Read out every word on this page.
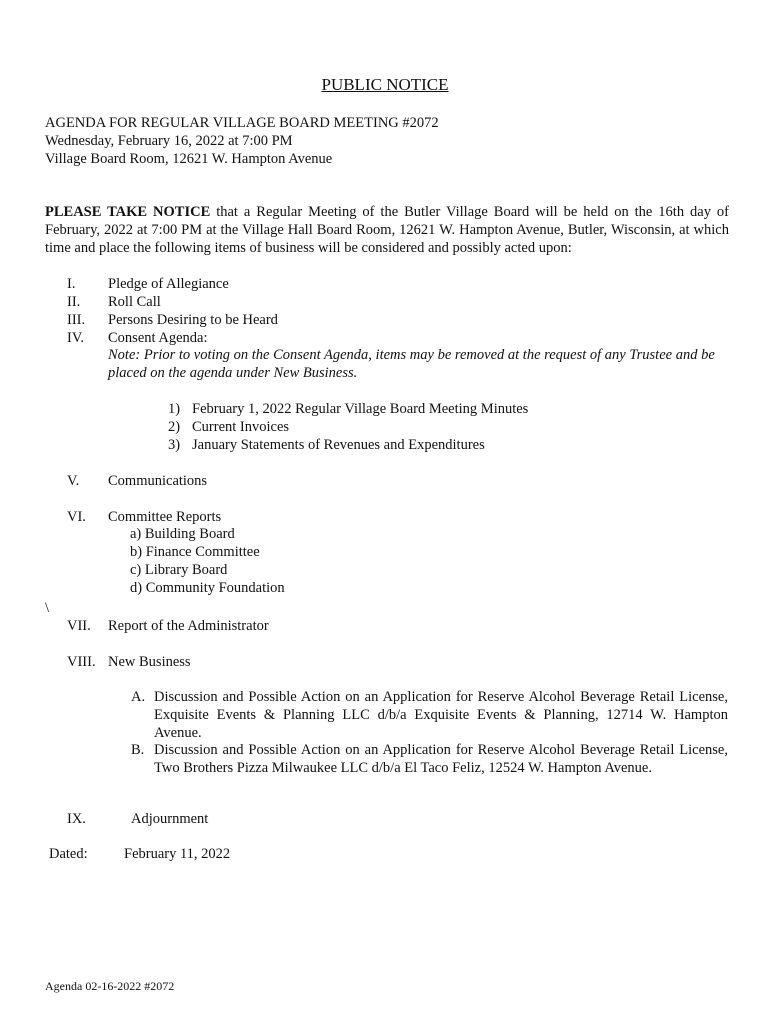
PUBLIC NOTICE
AGENDA FOR REGULAR VILLAGE BOARD MEETING #2072
Wednesday, February 16, 2022 at 7:00 PM
Village Board Room, 12621 W. Hampton Avenue
PLEASE TAKE NOTICE that a Regular Meeting of the Butler Village Board will be held on the 16th day of February, 2022 at 7:00 PM at the Village Hall Board Room, 12621 W. Hampton Avenue, Butler, Wisconsin, at which time and place the following items of business will be considered and possibly acted upon:
I. Pledge of Allegiance
II. Roll Call
III. Persons Desiring to be Heard
IV. Consent Agenda:
Note: Prior to voting on the Consent Agenda, items may be removed at the request of any Trustee and be placed on the agenda under New Business.
1) February 1, 2022 Regular Village Board Meeting Minutes
2) Current Invoices
3) January Statements of Revenues and Expenditures
V. Communications
VI. Committee Reports
a) Building Board
b) Finance Committee
c) Library Board
d) Community Foundation
\
VII. Report of the Administrator
VIII. New Business
A. Discussion and Possible Action on an Application for Reserve Alcohol Beverage Retail License, Exquisite Events & Planning LLC d/b/a Exquisite Events & Planning, 12714 W. Hampton Avenue.
B. Discussion and Possible Action on an Application for Reserve Alcohol Beverage Retail License, Two Brothers Pizza Milwaukee LLC d/b/a El Taco Feliz, 12524 W. Hampton Avenue.
IX.	Adjournment
Dated:	February 11, 2022
Agenda 02-16-2022 #2072
